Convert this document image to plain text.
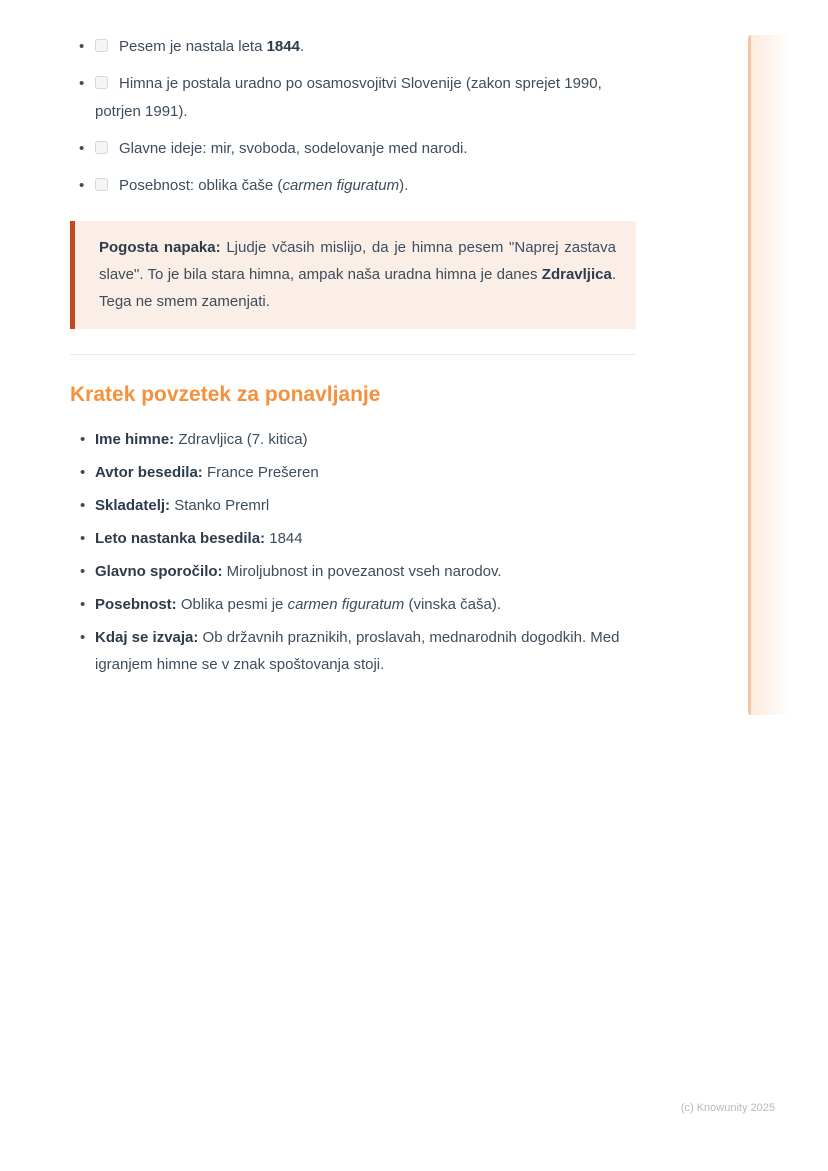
• Pesem je nastala leta 1844.
• Himna je postala uradno po osamosvojitvi Slovenije (zakon sprejet 1990, potrjen 1991).
• Glavne ideje: mir, svoboda, sodelovanje med narodi.
• Posebnost: oblika čaše (carmen figuratum).
Pogosta napaka: Ljudje včasih mislijo, da je himna pesem "Naprej zastava slave". To je bila stara himna, ampak naša uradna himna je danes Zdravljica. Tega ne smem zamenjati.
Kratek povzetek za ponavljanje
• Ime himne: Zdravljica (7. kitica)
• Avtor besedila: France Prešeren
• Skladatelj: Stanko Premrl
• Leto nastanka besedila: 1844
• Glavno sporočilo: Miroljubnost in povezanost vseh narodov.
• Posebnost: Oblika pesmi je carmen figuratum (vinska čaša).
• Kdaj se izvaja: Ob državnih praznikih, proslavah, mednarodnih dogodkih. Med igranjem himne se v znak spoštovanja stoji.
(c) Knowunity 2025
